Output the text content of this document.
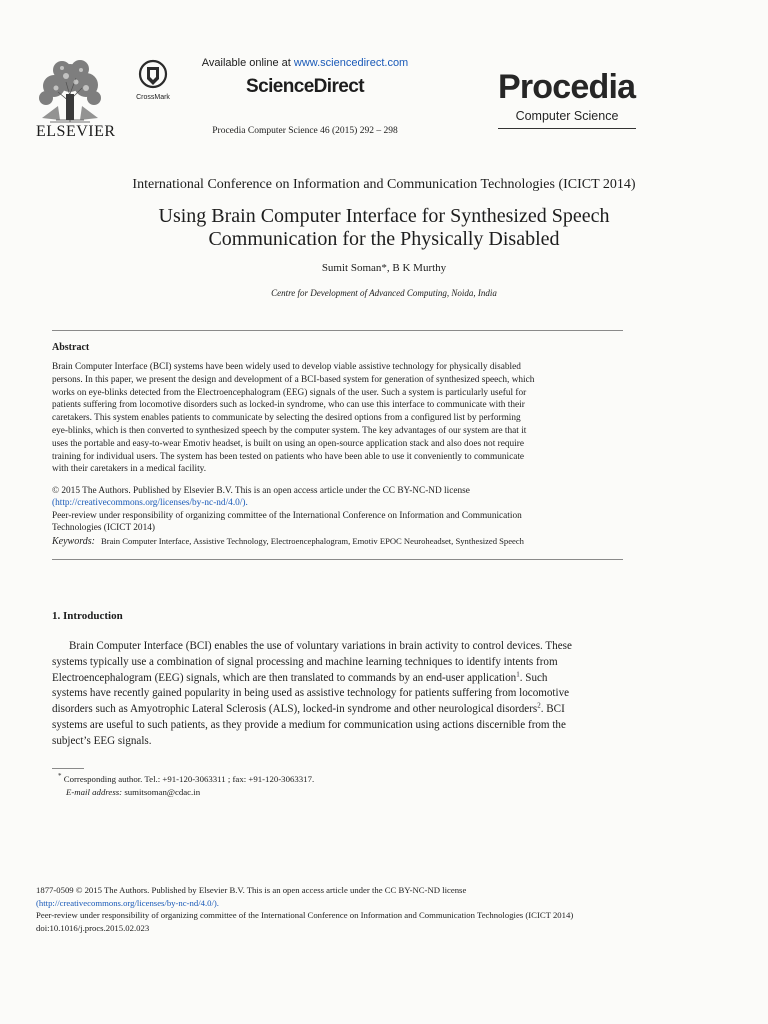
ELSEVIER
CrossMark
Available online at www.sciencedirect.com
ScienceDirect
Procedia Computer Science 46 (2015) 292 – 298
Procedia
Computer Science
International Conference on Information and Communication Technologies (ICICT 2014)
Using Brain Computer Interface for Synthesized Speech
Communication for the Physically Disabled
Sumit Soman*, B K Murthy
Centre for Development of Advanced Computing, Noida, India
Abstract
Brain Computer Interface (BCI) systems have been widely used to develop viable assistive technology for physically disabled
persons. In this paper, we present the design and development of a BCI-based system for generation of synthesized speech, which
works on eye-blinks detected from the Electroencephalogram (EEG) signals of the user. Such a system is particularly useful for
patients suffering from locomotive disorders such as locked-in syndrome, who can use this interface to communicate with their
caretakers. This system enables patients to communicate by selecting the desired options from a configured list by performing
eye-blinks, which is then converted to synthesized speech by the computer system. The key advantages of our system are that it
uses the portable and easy-to-wear Emotiv headset, is built on using an open-source application stack and also does not require
training for individual users. The system has been tested on patients who have been able to use it conveniently to communicate
with their caretakers in a medical facility.
© 2015 The Authors. Published by Elsevier B.V. This is an open access article under the CC BY-NC-ND license
(http://creativecommons.org/licenses/by-nc-nd/4.0/).
Peer-review under responsibility of organizing committee of the International Conference on Information and Communication
Technologies (ICICT 2014)
Keywords: Brain Computer Interface, Assistive Technology, Electroencephalogram, Emotiv EPOC Neuroheadset, Synthesized Speech
1. Introduction
Brain Computer Interface (BCI) enables the use of voluntary variations in brain activity to control devices. These
systems typically use a combination of signal processing and machine learning techniques to identify intents from
Electroencephalogram (EEG) signals, which are then translated to commands by an end-user application$^1$. Such
systems have recently gained popularity in being used as assistive technology for patients suffering from locomotive
disorders such as Amyotrophic Lateral Sclerosis (ALS), locked-in syndrome and other neurological disorders$^2$. BCI
systems are useful to such patients, as they provide a medium for communication using actions discernible from the
subject’s EEG signals.
* Corresponding author. Tel.: +91-120-3063311 ; fax: +91-120-3063317.
E-mail address: sumitsoman@cdac.in
1877-0509 © 2015 The Authors. Published by Elsevier B.V. This is an open access article under the CC BY-NC-ND license
(http://creativecommons.org/licenses/by-nc-nd/4.0/).
Peer-review under responsibility of organizing committee of the International Conference on Information and Communication Technologies (ICICT 2014)
doi:10.1016/j.procs.2015.02.023
